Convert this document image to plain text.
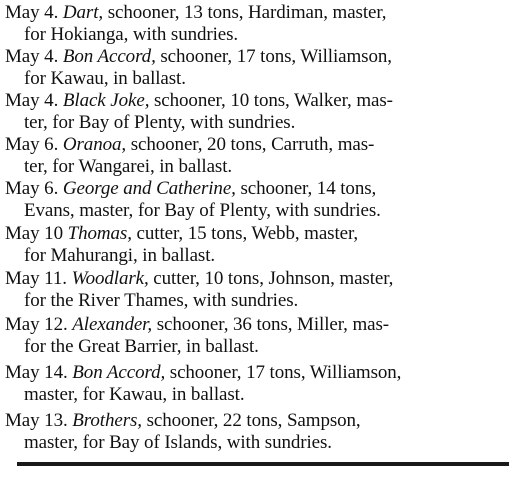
May 4. Dart, schooner, 13 tons, Hardiman, master,
for Hokianga, with sundries.
May 4. Bon Accord, schooner, 17 tons, Williamson,
for Kawau, in ballast.
May 4. Black Joke, schooner, 10 tons, Walker, mas-
ter, for Bay of Plenty, with sundries.
May 6. Oranoa, schooner, 20 tons, Carruth, mas-
ter, for Wangarei, in ballast.
May 6. George and Catherine, schooner, 14 tons,
Evans, master, for Bay of Plenty, with sundries.
May 10 Thomas, cutter, 15 tons, Webb, master,
for Mahurangi, in ballast.
May 11. Woodlark, cutter, 10 tons, Johnson, master,
for the River Thames, with sundries.
May 12. Alexander, schooner, 36 tons, Miller, mas-
for the Great Barrier, in ballast.
May 14. Bon Accord, schooner, 17 tons, Williamson,
master, for Kawau, in ballast.
May 13. Brothers, schooner, 22 tons, Sampson,
master, for Bay of Islands, with sundries.
